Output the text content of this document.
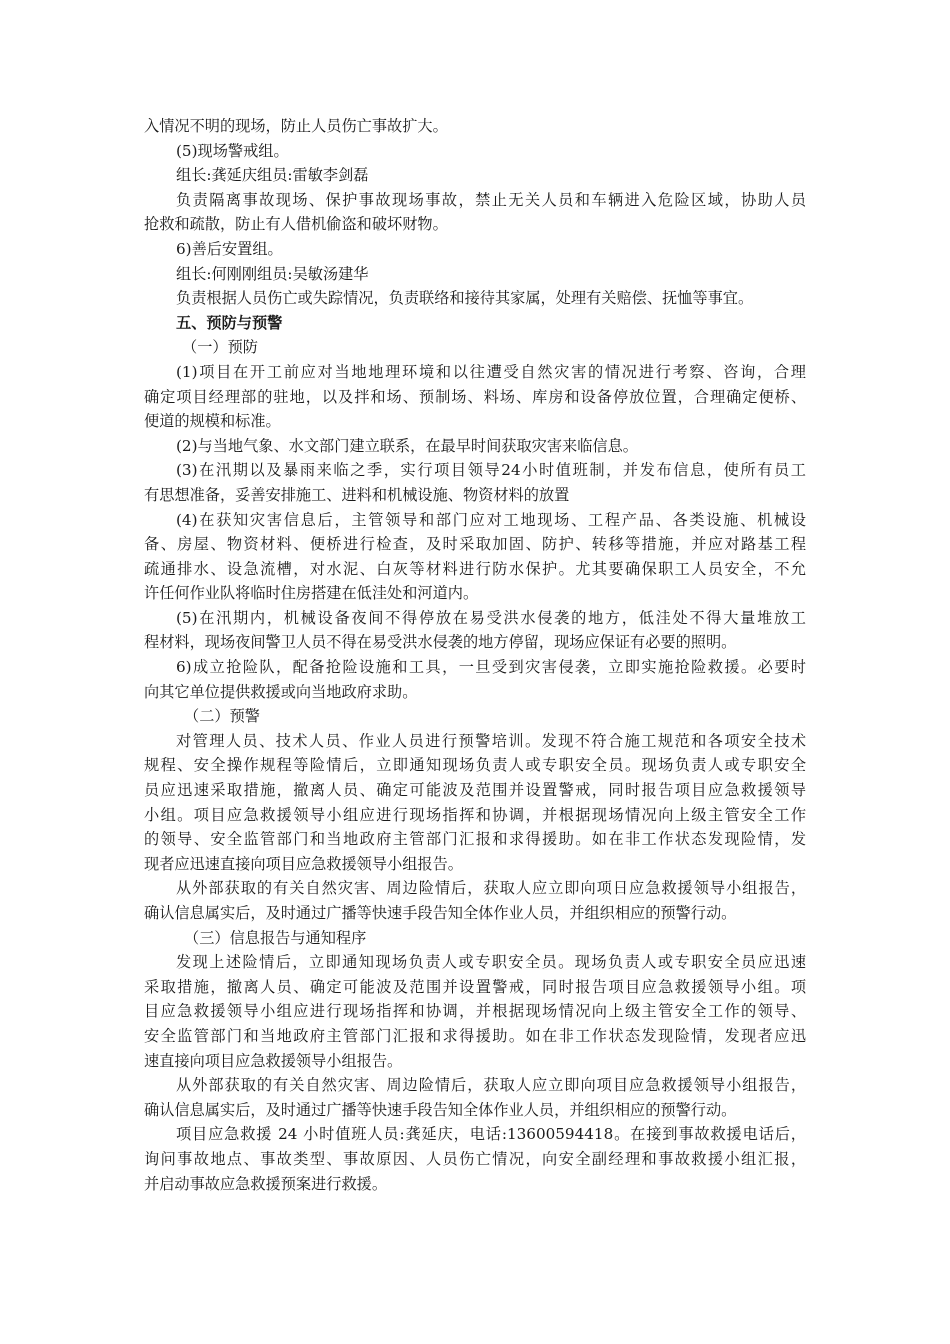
入情况不明的现场，防止人员伤亡事故扩大。
(5)现场警戒组。
组长:龚延庆组员:雷敏李剑磊
负责隔离事故现场、保护事故现场事故，禁止无关人员和车辆进入危险区域，协助人员
抢救和疏散，防止有人借机偷盗和破坏财物。
6)善后安置组。
组长:何刚刚组员:吴敏汤建华
负责根据人员伤亡或失踪情况，负责联络和接待其家属，处理有关赔偿、抚恤等事宜。
五、预防与预警
（一）预防
(1)项目在开工前应对当地地理环境和以往遭受自然灾害的情况进行考察、咨询，合理
确定项目经理部的驻地，以及拌和场、预制场、料场、库房和设备停放位置，合理确定便桥、
便道的规模和标准。
(2)与当地气象、水文部门建立联系，在最早时间获取灾害来临信息。
(3)在汛期以及暴雨来临之季，实行项目领导24小时值班制，并发布信息，使所有员工
有思想准备，妥善安排施工、进料和机械设施、物资材料的放置
(4)在获知灾害信息后，主管领导和部门应对工地现场、工程产品、各类设施、机械设
备、房屋、物资材料、便桥进行检查，及时采取加固、防护、转移等措施，并应对路基工程
疏通排水、设急流槽，对水泥、白灰等材料进行防水保护。尤其要确保职工人员安全，不允
许任何作业队将临时住房搭建在低洼处和河道内。
(5)在汛期内，机械设备夜间不得停放在易受洪水侵袭的地方，低洼处不得大量堆放工
程材料，现场夜间警卫人员不得在易受洪水侵袭的地方停留，现场应保证有必要的照明。
6)成立抢险队，配备抢险设施和工具，一旦受到灾害侵袭，立即实施抢险救援。必要时
向其它单位提供救援或向当地政府求助。
（二）预警
对管理人员、技术人员、作业人员进行预警培训。发现不符合施工规范和各项安全技术
规程、安全操作规程等险情后，立即通知现场负责人或专职安全员。现场负责人或专职安全
员应迅速采取措施，撤离人员、确定可能波及范围并设置警戒，同时报告项目应急救援领导
小组。项目应急救援领导小组应进行现场指挥和协调，并根据现场情况向上级主管安全工作
的领导、安全监管部门和当地政府主管部门汇报和求得援助。如在非工作状态发现险情，发
现者应迅速直接向项目应急救援领导小组报告。
从外部获取的有关自然灾害、周边险情后，获取人应立即向项日应急救援领导小组报告，
确认信息属实后，及时通过广播等快速手段告知全体作业人员，并组织相应的预警行动。
（三）信息报告与通知程序
发现上述险情后，立即通知现场负责人或专职安全员。现场负责人或专职安全员应迅速
采取措施，撤离人员、确定可能波及范围并设置警戒，同时报告项目应急救援领导小组。项
目应急救援领导小组应进行现场指挥和协调，并根据现场情况向上级主管安全工作的领导、
安全监管部门和当地政府主管部门汇报和求得援助。如在非工作状态发现险情，发现者应迅
速直接向项目应急救援领导小组报告。
从外部获取的有关自然灾害、周边险情后，获取人应立即向项目应急救援领导小组报告，
确认信息属实后，及时通过广播等快速手段告知全体作业人员，并组织相应的预警行动。
项目应急救援 24 小时值班人员:龚延庆，电话:13600594418。在接到事故救援电话后，
询问事故地点、事故类型、事故原因、人员伤亡情况，向安全副经理和事故救援小组汇报，
并启动事故应急救援预案进行救援。
